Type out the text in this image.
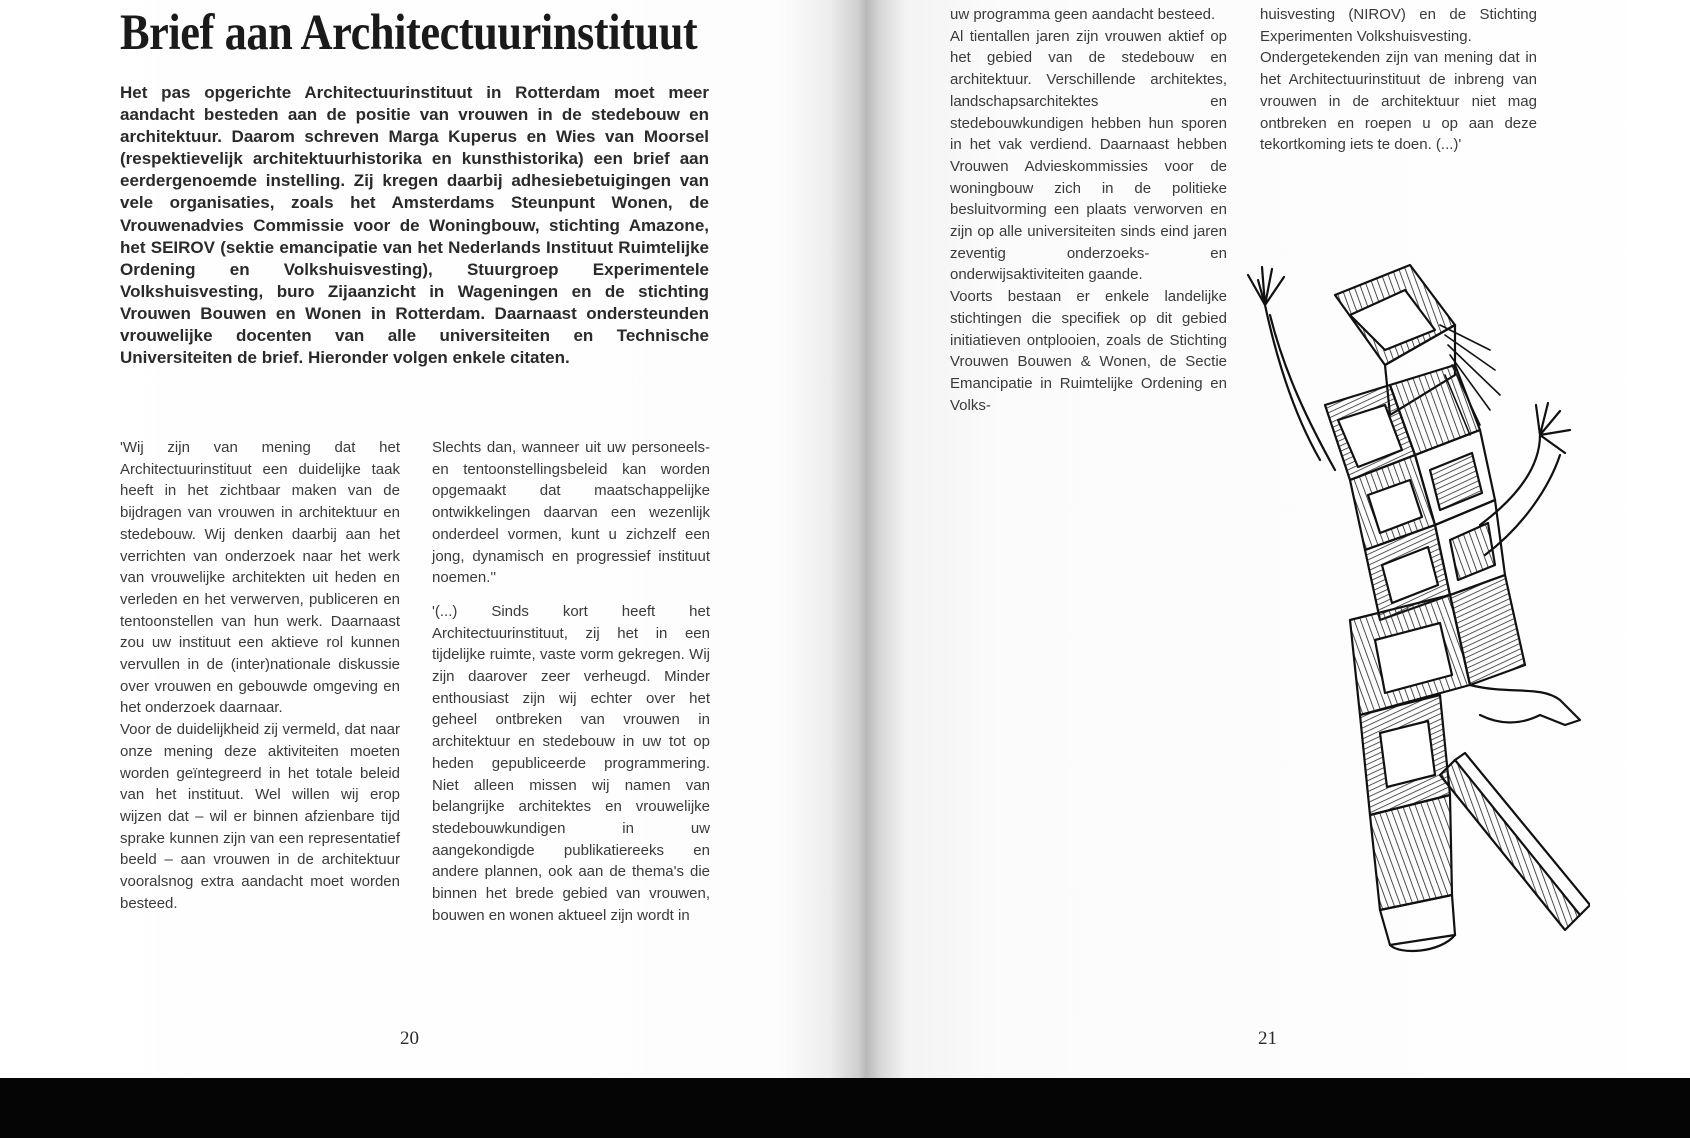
Brief aan Architectuurinstituut

Het pas opgerichte Architectuurinstituut in Rotterdam moet meer aandacht besteden aan de positie van vrouwen in de stedebouw en architektuur. Daarom schreven Marga Kuperus en Wies van Moorsel (respektievelijk architektuurhistorika en kunsthistorika) een brief aan eerdergenoemde instelling. Zij kregen daarbij adhesiebetuigingen van vele organisaties, zoals het Amsterdams Steunpunt Wonen, de Vrouwenadvies Commissie voor de Woningbouw, stichting Amazone, het SEIROV (sektie emancipatie van het Nederlands Instituut Ruimtelijke Ordening en Volkshuisvesting), Stuurgroep Experimentele Volkshuisvesting, buro Zijaanzicht in Wageningen en de stichting Vrouwen Bouwen en Wonen in Rotterdam. Daarnaast ondersteunden vrouwelijke docenten van alle universiteiten en Technische Universiteiten de brief. Hieronder volgen enkele citaten.

'Wij zijn van mening dat het Architectuurinstituut een duidelijke taak heeft in het zichtbaar maken van de bijdragen van vrouwen in architektuur en stedebouw. Wij denken daarbij aan het verrichten van onderzoek naar het werk van vrouwelijke architekten uit heden en verleden en het verwerven, publiceren en tentoonstellen van hun werk. Daarnaast zou uw instituut een aktieve rol kunnen vervullen in de (inter)nationale diskussie over vrouwen en gebouwde omgeving en het onderzoek daarnaar.

Voor de duidelijkheid zij vermeld, dat naar onze mening deze aktiviteiten moeten worden geïntegreerd in het totale beleid van het instituut. Wel willen wij erop wijzen dat – wil er binnen afzienbare tijd sprake kunnen zijn van een representatief beeld – aan vrouwen in de architektuur vooralsnog extra aandacht moet worden besteed.

Slechts dan, wanneer uit uw personeels- en tentoonstellingsbeleid kan worden opgemaakt dat maatschappelijke ontwikkelingen daarvan een wezenlijk onderdeel vormen, kunt u zichzelf een jong, dynamisch en progressief instituut noemen.''

'(...) Sinds kort heeft het Architectuurinstituut, zij het in een tijdelijke ruimte, vaste vorm gekregen. Wij zijn daarover zeer verheugd. Minder enthousiast zijn wij echter over het geheel ontbreken van vrouwen in architektuur en stedebouw in uw tot op heden gepubliceerde programmering. Niet alleen missen wij namen van belangrijke architektes en vrouwelijke stedebouwkundigen in uw aangekondigde publikatiereeks en andere plannen, ook aan de thema's die binnen het brede gebied van vrouwen, bouwen en wonen aktueel zijn wordt in

uw programma geen aandacht besteed.

Al tientallen jaren zijn vrouwen aktief op het gebied van de stedebouw en architektuur. Verschillende architektes, landschapsarchitektes en stedebouwkundigen hebben hun sporen in het vak verdiend. Daarnaast hebben Vrouwen Advieskommissies voor de woningbouw zich in de politieke besluitvorming een plaats verworven en zijn op alle universiteiten sinds eind jaren zeventig onderzoeks- en onderwijsaktiviteiten gaande.

Voorts bestaan er enkele landelijke stichtingen die specifiek op dit gebied initiatieven ontplooien, zoals de Stichting Vrouwen Bouwen & Wonen, de Sectie Emancipatie in Ruimtelijke Ordening en Volks-

huisvesting (NIROV) en de Stichting Experimenten Volkshuisvesting.

Ondergetekenden zijn van mening dat in het Architectuurinstituut de inbreng van vrouwen in de architektuur niet mag ontbreken en roepen u op aan deze tekortkoming iets te doen. (...)'

20	21
